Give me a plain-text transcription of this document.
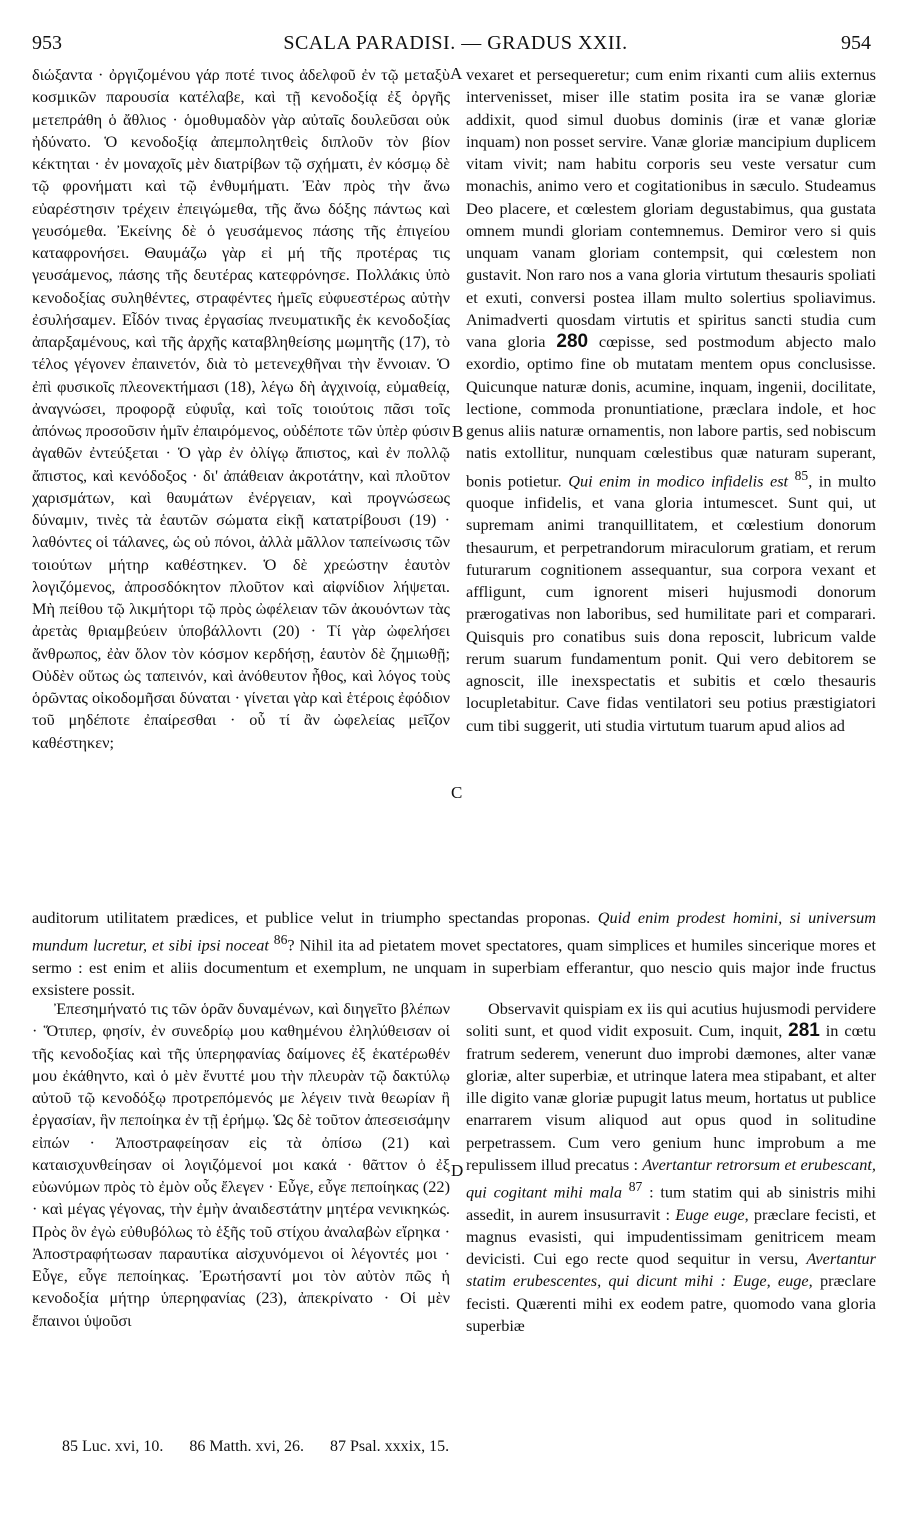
953	SCALA PARADISI. — GRADUS XXII.	954

διώξαντα · ὀργιζομένου γάρ ποτέ τινος ἀδελφοῦ ἐν τῷ μεταξὺ κοσμικῶν παρουσία κατέλαβε, καὶ τῇ κενοδοξίᾳ ἐξ ὀργῆς μετεπράθη ὁ ἄθλιος · ὁμοθυμαδὸν γὰρ αὐταῖς δουλεῦσαι οὐκ ἠδύνατο. Ὁ κενοδοξίᾳ ἀπεμπολητθεὶς διπλοῦν τὸν βίον κέκτηται · ἐν μοναχοῖς μὲν διατρίβων τῷ σχήματι, ἐν κόσμῳ δὲ τῷ φρονήματι καὶ τῷ ἐνθυμήματι. Ἐὰν πρὸς τὴν ἄνω εὐαρέστησιν τρέχειν ἐπειγώμεθα, τῆς ἄνω δόξης πάντως καὶ γευσόμεθα. Ἐκείνης δὲ ὁ γευσάμενος πάσης τῆς ἐπιγείου καταφρονήσει. Θαυμάζω γὰρ εἰ μή τῆς προτέρας τις γευσάμενος, πάσης τῆς δευτέρας κατεφρόνησε. Πολλάκις ὑπὸ κενοδοξίας συληθέντες, στραφέντες ἡμεῖς εὐφυεστέρως αὐτὴν ἐσυλήσαμεν. Εἶδόν τινας ἐργασίας πνευματικῆς ἐκ κενοδοξίας ἀπαρξαμένους, καὶ τῆς ἀρχῆς καταβληθείσης μωμητῆς (17), τὸ τέλος γέγονεν ἐπαινετόν, διὰ τὸ μετενεχθῆναι τὴν ἔννοιαν. Ὁ ἐπὶ φυσικοῖς πλεονεκτήμασι (18), λέγω δὴ ἀγχινοίᾳ, εὐμαθείᾳ, ἀναγνώσει, προφορᾷ εὐφυΐᾳ, καὶ τοῖς τοιούτοις πᾶσι τοῖς ἀπόνως προσοῦσιν ἡμῖν ἐπαιρόμενος, οὐδέποτε τῶν ὑπὲρ φύσιν ἀγαθῶν ἐντεύξεται · Ὁ γὰρ ἐν ὀλίγῳ ἄπιστος, καὶ ἐν πολλῷ ἄπιστος, καὶ κενόδοξος · δι' ἀπάθειαν ἀκροτάτην, καὶ πλοῦτον χαρισμάτων, καὶ θαυμάτων ἐνέργειαν, καὶ προγνώσεως δύναμιν, τινὲς τὰ ἑαυτῶν σώματα εἰκῇ κατατρίβουσι (19) · λαθόντες οἱ τάλανες, ὡς οὐ πόνοι, ἀλλὰ μᾶλλον ταπείνωσις τῶν τοιούτων μήτηρ καθέστηκεν. Ὁ δὲ χρεώστην ἑαυτὸν λογιζόμενος, ἀπροσδόκητον πλοῦτον καὶ αἰφνίδιον λήψεται. Μὴ πείθου τῷ λικμήτορι τῷ πρὸς ὠφέλειαν τῶν ἀκουόντων τὰς ἀρετὰς θριαμβεύειν ὑποβάλλοντι (20) · Τί γὰρ ὠφελήσει ἄνθρωπος, ἐὰν ὅλον τὸν κόσμον κερδήσῃ, ἑαυτὸν δὲ ζημιωθῇ; Οὐδὲν οὕτως ὡς ταπεινόν, καὶ ἀνόθευτον ἦθος, καὶ λόγος τοὺς ὁρῶντας οἰκοδομῆσαι δύναται · γίνεται γὰρ καὶ ἑτέροις ἐφόδιον τοῦ μηδέποτε ἐπαίρεσθαι · οὗ τί ἂν ὠφελείας μεῖζον καθέστηκεν;

vexaret et persequeretur; cum enim rixanti cum aliis externus intervenisset, miser ille statim posita ira se vanæ gloriæ addixit, quod simul duobus dominis (iræ et vanæ gloriæ inquam) non posset servire. Vanæ gloriæ mancipium duplicem vitam vivit; nam habitu corporis seu veste versatur cum monachis, animo vero et cogitationibus in sæculo. Studeamus Deo placere, et cœlestem gloriam degustabimus, qua gustata omnem mundi gloriam contemnemus. Demiror vero si quis unquam vanam gloriam contempsit, qui cœlestem non gustavit. Non raro nos a vana gloria virtutum thesauris spoliati et exuti, conversi postea illam multo solertius spoliavimus. Animadverti quosdam virtutis et spiritus sancti studia cum vana gloria 280 cœpisse, sed postmodum abjecto malo exordio, optimo fine ob mutatam mentem opus conclusisse. Quicunque naturæ donis, acumine, inquam, ingenii, docilitate, lectione, commoda pronuntiatione, præclara indole, et hoc genus aliis naturæ ornamentis, non labore partis, sed nobiscum natis extollitur, nunquam cœlestibus quæ naturam superant, bonis potietur. Qui enim in modico infidelis est $^{85}$, in multo quoque infidelis, et vana gloria intumescet. Sunt qui, ut supremam animi tranquillitatem, et cœlestium donorum thesaurum, et perpetrandorum miraculorum gratiam, et rerum futurarum cognitionem assequantur, sua corpora vexant et affligunt, cum ignorent miseri hujusmodi donorum prærogativas non laboribus, sed humilitate pari et comparari. Quisquis pro conatibus suis dona reposcit, lubricum valde rerum suarum fundamentum ponit. Qui vero debitorem se agnoscit, ille inexspectatis et subitis et cœlo thesauris locupletabitur. Cave fidas ventilatori seu potius præstigiatori cum tibi suggerit, uti studia virtutum tuarum apud alios ad

A
B
C
D

auditorum utilitatem prædices, et publice velut in triumpho spectandas proponas. Quid enim prodest homini, si universum mundum lucretur, et sibi ipsi noceat $^{86}$? Nihil ita ad pietatem movet spectatores, quam simplices et humiles sincerique mores et sermo : est enim et aliis documentum et exemplum, ne unquam in superbiam efferantur, quo nescio quis major inde fructus exsistere possit.

Ἐπεσημήνατό τις τῶν ὁρᾶν δυναμένων, καὶ διηγεῖτο βλέπων · Ὅτιπερ, φησίν, ἐν συνεδρίῳ μου καθημένου ἐληλύθεισαν οἱ τῆς κενοδοξίας καὶ τῆς ὑπερηφανίας δαίμονες ἐξ ἑκατέρωθέν μου ἐκάθηντο, καὶ ὁ μὲν ἔνυττέ μου τὴν πλευρὰν τῷ δακτύλῳ αὐτοῦ τῷ κενοδόξῳ προτρεπόμενός με λέγειν τινὰ θεωρίαν ἢ ἐργασίαν, ἣν πεποίηκα ἐν τῇ ἐρήμῳ. Ὡς δὲ τοῦτον ἀπεσεισάμην εἰπών · Ἀποστραφείησαν εἰς τὰ ὀπίσω (21) καὶ καταισχυνθείησαν οἱ λογιζόμενοί μοι κακά · θᾶττον ὁ ἐξ εὐωνύμων πρὸς τὸ ἐμὸν οὖς ἔλεγεν · Εὖγε, εὖγε πεποίηκας (22) · καὶ μέγας γέγονας, τὴν ἐμὴν ἀναιδεστάτην μητέρα νενικηκώς. Πρὸς ὃν ἐγὼ εὐθυβόλως τὸ ἑξῆς τοῦ στίχου ἀναλαβὼν εἴρηκα · Ἀποστραφήτωσαν παραυτίκα αἰσχυνόμενοι οἱ λέγοντές μοι · Εὖγε, εὖγε πεποίηκας. Ἐρωτήσαντί μοι τὸν αὐτὸν πῶς ἡ κενοδοξία μήτηρ ὑπερηφανίας (23), ἀπεκρίνατο · Οἱ μὲν ἔπαινοι ὑψοῦσι

Observavit quispiam ex iis qui acutius hujusmodi pervidere soliti sunt, et quod vidit exposuit. Cum, inquit, 281 in cœtu fratrum sederem, venerunt duo improbi dæmones, alter vanæ gloriæ, alter superbiæ, et utrinque latera mea stipabant, et alter ille digito vanæ gloriæ pupugit latus meum, hortatus ut publice enarrarem visum aliquod aut opus quod in solitudine perpetrassem. Cum vero genium hunc improbum a me repulissem illud precatus : Avertantur retrorsum et erubescant, qui cogitant mihi mala $^{87}$ : tum statim qui ab sinistris mihi assedit, in aurem insusurravit : Euge euge, præclare fecisti, et magnus evasisti, qui impudentissimam genitricem meam devicisti. Cui ego recte quod sequitur in versu, Avertantur statim erubescentes, qui dicunt mihi : Euge, euge, præclare fecisti. Quærenti mihi ex eodem patre, quomodo vana gloria superbiæ

85 Luc. xvi, 10. 86 Matth. xvi, 26. 87 Psal. xxxix, 15.
